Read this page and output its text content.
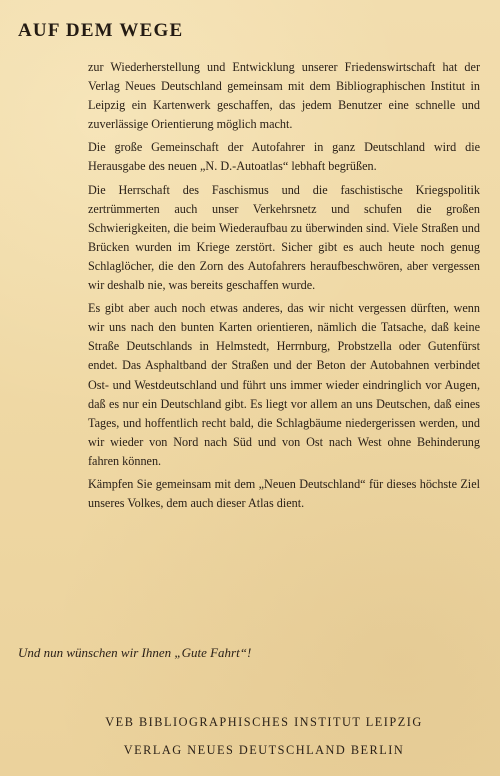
AUF DEM WEGE

zur Wiederherstellung und Entwicklung unserer Friedenswirtschaft hat der Verlag Neues Deutschland gemeinsam mit dem Bibliographischen Institut in Leipzig ein Kartenwerk geschaffen, das jedem Benutzer eine schnelle und zuverlässige Orientierung möglich macht.

Die große Gemeinschaft der Autofahrer in ganz Deutschland wird die Herausgabe des neuen „N. D.-Autoatlas“ lebhaft begrüßen.

Die Herrschaft des Faschismus und die faschistische Kriegspolitik zertrümmerten auch unser Verkehrsnetz und schufen die großen Schwierigkeiten, die beim Wiederaufbau zu überwinden sind. Viele Straßen und Brücken wurden im Kriege zerstört. Sicher gibt es auch heute noch genug Schlaglöcher, die den Zorn des Autofahrers heraufbeschwören, aber vergessen wir deshalb nie, was bereits geschaffen wurde.

Es gibt aber auch noch etwas anderes, das wir nicht vergessen dürften, wenn wir uns nach den bunten Karten orientieren, nämlich die Tatsache, daß keine Straße Deutschlands in Helmstedt, Herrnburg, Probstzella oder Gutenfürst endet. Das Asphaltband der Straßen und der Beton der Autobahnen verbindet Ost- und Westdeutschland und führt uns immer wieder eindringlich vor Augen, daß es nur ein Deutschland gibt. Es liegt vor allem an uns Deutschen, daß eines Tages, und hoffentlich recht bald, die Schlagbäume niedergerissen werden, und wir wieder von Nord nach Süd und von Ost nach West ohne Behinderung fahren können.

Kämpfen Sie gemeinsam mit dem „Neuen Deutschland“ für dieses höchste Ziel unseres Volkes, dem auch dieser Atlas dient.

Und nun wünschen wir Ihnen „Gute Fahrt“!
VEB BIBLIOGRAPHISCHES INSTITUT LEIPZIG
VERLAG NEUES DEUTSCHLAND BERLIN
